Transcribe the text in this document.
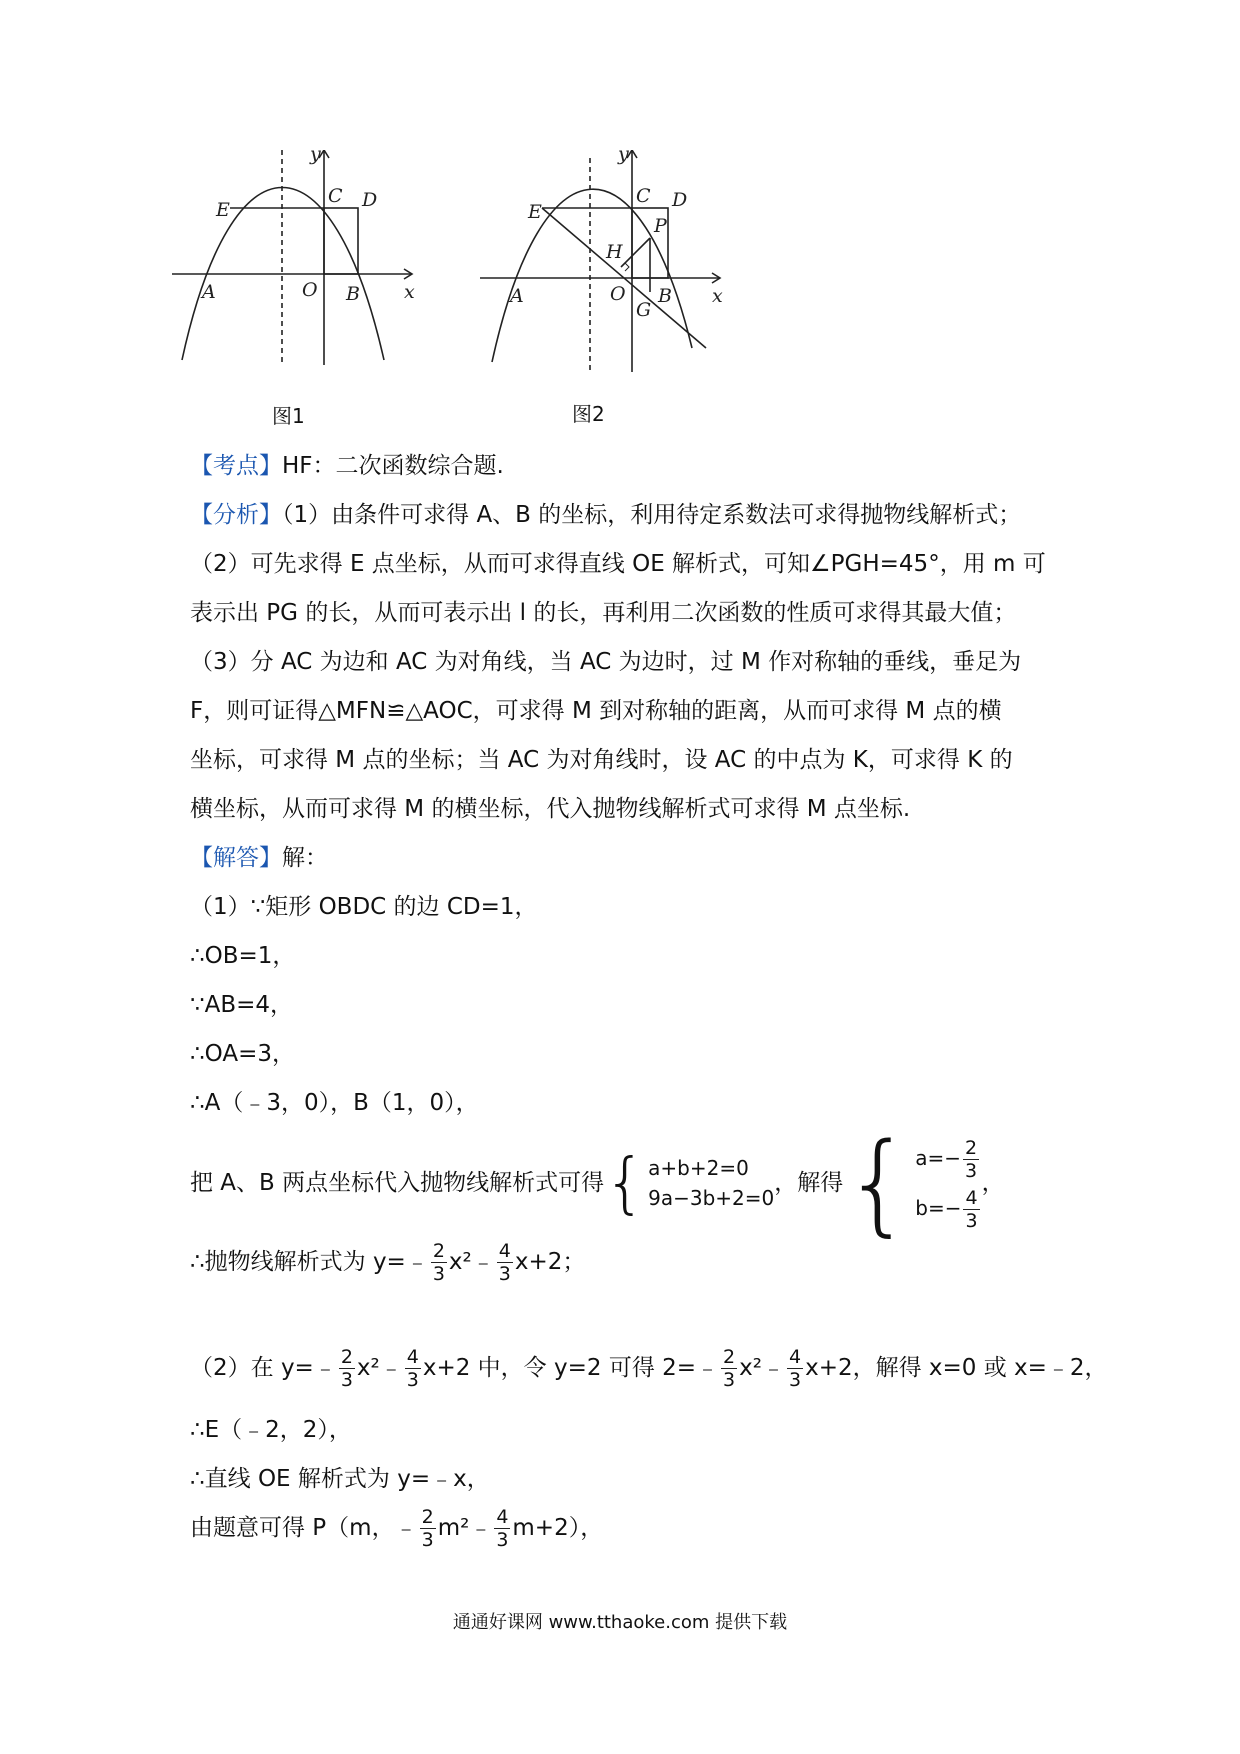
y
x
C D
E
A	O B
图1
y
x
C D
P
H
E
A	O
G
B
图2
【考点】HF：二次函数综合题.
【分析】（1）由条件可求得 A、B 的坐标，利用待定系数法可求得抛物线解析式；
（2）可先求得 E 点坐标，从而可求得直线 OE 解析式，可知∠PGH=45°，用 m 可
表示出 PG 的长，从而可表示出 l 的长，再利用二次函数的性质可求得其最大值；
（3）分 AC 为边和 AC 为对角线，当 AC 为边时，过 M 作对称轴的垂线，垂足为
F，则可证得△MFN≌△AOC，可求得 M 到对称轴的距离，从而可求得 M 点的横
坐标，可求得 M 点的坐标；当 AC 为对角线时，设 AC 的中点为 K，可求得 K 的
横坐标，从而可求得 M 的横坐标，代入抛物线解析式可求得 M 点坐标.
【解答】解：
（1）∵矩形 OBDC 的边 CD=1，
∴OB=1，
∵AB=4，
∴OA=3，
∴A（﹣3，0），B（1，0），
把 A、B 两点坐标代入抛物线解析式可得 { a+b+2=0
9a−3b+2=0
，解得 { $a=- \frac{2}{3}$
$b=- \frac{4}{3}$
，
∴抛物线解析式为 y=﹣ $\frac{2}{3}$ x²﹣ $\frac{4}{3} x+2$；
（2）在 y=﹣ $\frac{2}{3}$ x²﹣ $\frac{4}{3} x+2$ 中，令 y=2 可得 2=﹣ $\frac{2}{3}$ x²﹣ $\frac{4}{3} x+2$，解得 x=0 或 x=﹣2，
∴E（﹣2，2），
∴直线 OE 解析式为 y=﹣x，
由题意可得 P（m，﹣ $\frac{2}{3}$ m²﹣ $\frac{4}{3} m+2$），
通通好课网 www.tthaoke.com 提供下载
